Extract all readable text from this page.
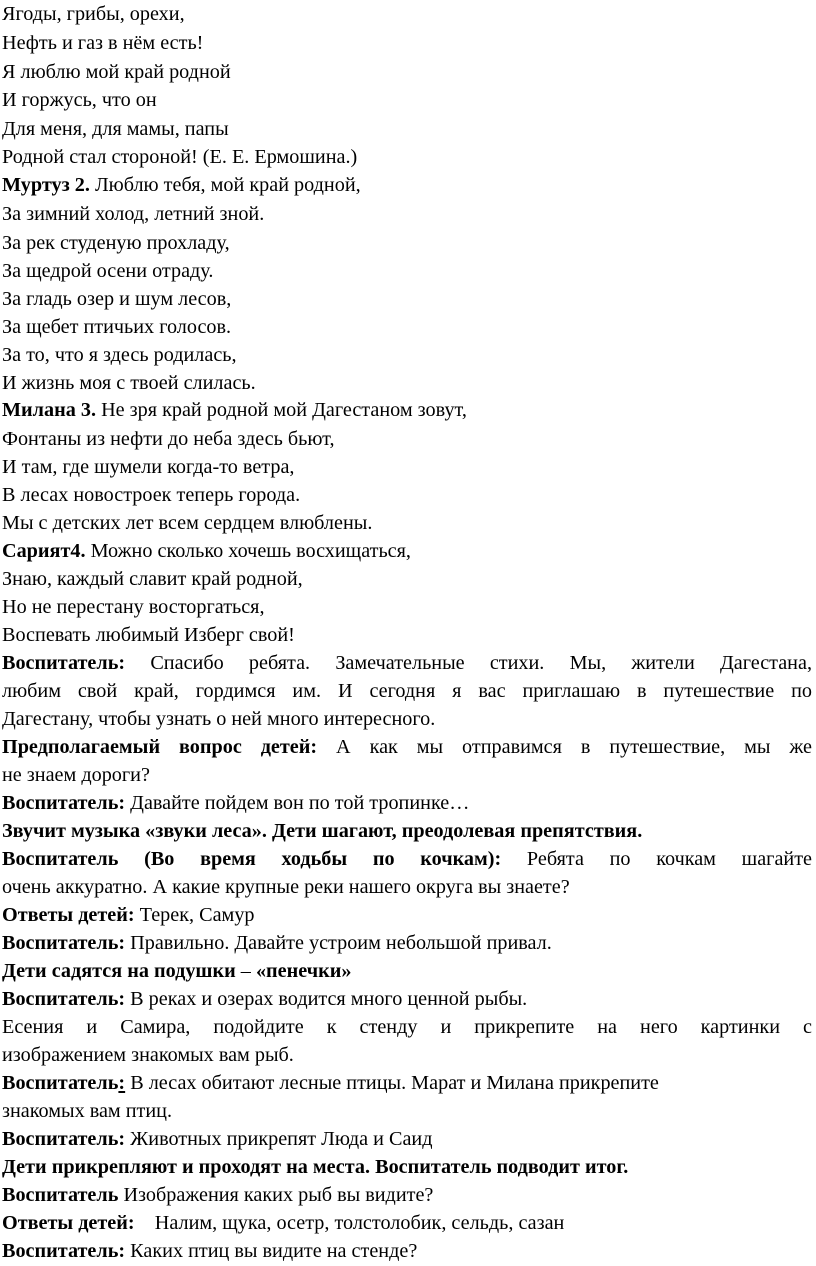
Ягоды, грибы, орехи,
Нефть и газ в нём есть!
Я люблю мой край родной
И горжусь, что он
Для меня, для мамы, папы
Родной стал стороной! (Е. Е. Ермошина.)
Муртуз 2. Люблю тебя, мой край родной,
За зимний холод, летний зной.
За рек студеную прохладу,
За щедрой осени отраду.
За гладь озер и шум лесов,
За щебет птичьих голосов.
За то, что я здесь родилась,
И жизнь моя с твоей слилась.
Милана 3. Не зря край родной мой Дагестаном зовут,
Фонтаны из нефти до неба здесь бьют,
И там, где шумели когда-то ветра,
В лесах новостроек теперь города.
Мы с детских лет всем сердцем влюблены.
Сарият4. Можно сколько хочешь восхищаться,
Знаю, каждый славит край родной,
Но не перестану восторгаться,
Воспевать любимый Изберг свой!
Воспитатель: Спасибо ребята. Замечательные стихи. Мы, жители Дагестана,
любим свой край, гордимся им. И сегодня я вас приглашаю в путешествие по
Дагестану, чтобы узнать о ней много интересного.
Предполагаемый вопрос детей: А как мы отправимся в путешествие, мы же
не знаем дороги?
Воспитатель: Давайте пойдем вон по той тропинке…
Звучит музыка «звуки леса». Дети шагают, преодолевая препятствия.
Воспитатель (Во время ходьбы по кочкам): Ребята по кочкам шагайте
очень аккуратно. А какие крупные реки нашего округа вы знаете?
Ответы детей: Терек, Самур
Воспитатель: Правильно. Давайте устроим небольшой привал.
Дети садятся на подушки – «пенечки»
Воспитатель: В реках и озерах водится много ценной рыбы.
Есения и Самира, подойдите к стенду и прикрепите на него картинки с
изображением знакомых вам рыб.
Воспитатель: В лесах обитают лесные птицы. Марат и Милана прикрепите
знакомых вам птиц.
Воспитатель: Животных прикрепят Люда и Саид
Дети прикрепляют и проходят на места. Воспитатель подводит итог.
Воспитатель Изображения каких рыб вы видите?
Ответы детей:    Налим, щука, осетр, толстолобик, сельдь, сазан
Воспитатель: Каких птиц вы видите на стенде?
